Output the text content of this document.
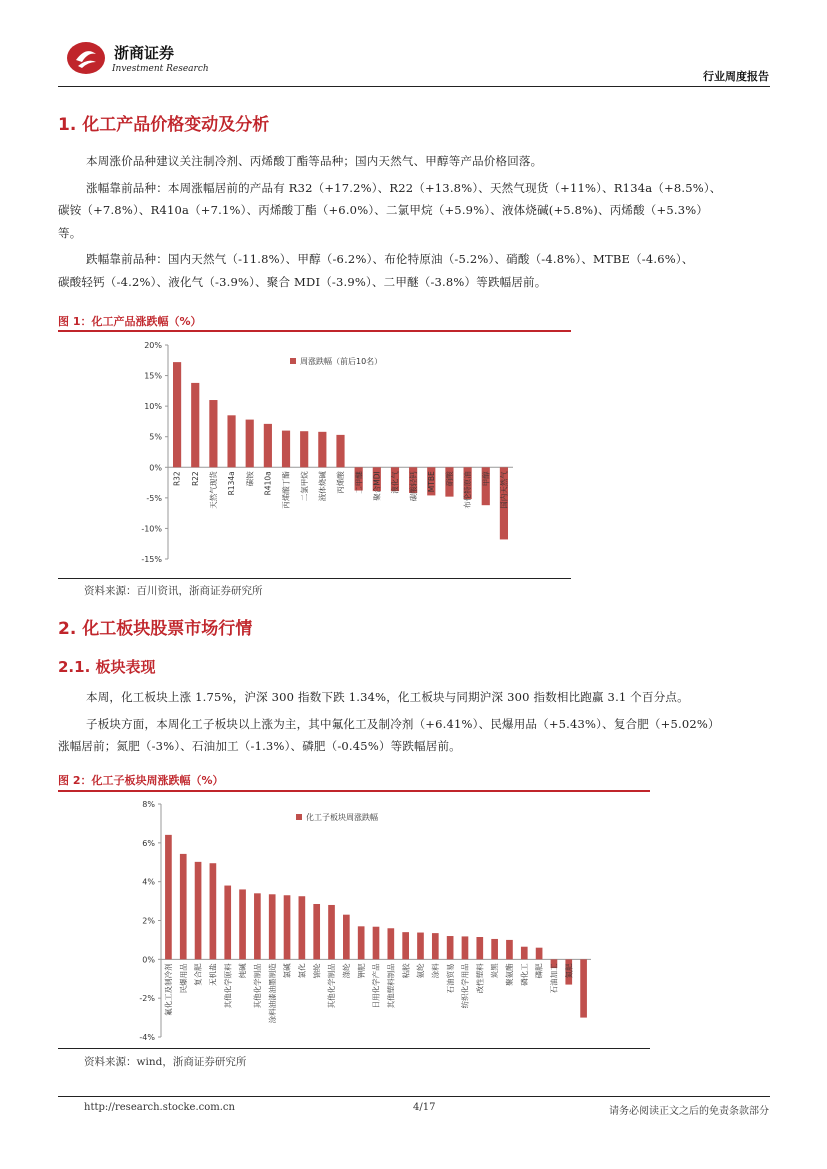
浙商证券
Investment Research
行业周度报告
1. 化工产品价格变动及分析
本周涨价品种建议关注制冷剂、丙烯酸丁酯等品种；国内天然气、甲醇等产品价格回落。
涨幅靠前品种：本周涨幅居前的产品有 R32（+17.2%）、R22（+13.8%）、天然气现货（+11%）、R134a（+8.5%）、
碳铵（+7.8%）、R410a（+7.1%）、丙烯酸丁酯（+6.0%）、二氯甲烷（+5.9%）、液体烧碱(+5.8%)、丙烯酸（+5.3%）
等。
跌幅靠前品种：国内天然气（-11.8%）、甲醇（-6.2%）、布伦特原油（-5.2%）、硝酸（-4.8%）、MTBE（-4.6%）、
碳酸轻钙（-4.2%）、液化气（-3.9%）、聚合 MDI（-3.9%）、二甲醚（-3.8%）等跌幅居前。
图 1：化工产品涨跌幅（%）
20%
15%
10%
5%
0%
-5%
-10%
-15%
R32 R22 天然气现货 R134a 碳铵 R410a 丙烯酸丁酯 二氯甲烷 液体烧碱 丙烯酸 二甲醚 聚合MDI 液化气 碳酸轻钙 MTBE 硝酸 布伦特原油 甲醇 国内天然气
周涨跌幅（前后10名）
资料来源：百川资讯，浙商证券研究所
2. 化工板块股票市场行情
2.1. 板块表现
本周，化工板块上涨 1.75%，沪深 300 指数下跌 1.34%，化工板块与同期沪深 300 指数相比跑赢 3.1 个百分点。
子板块方面，本周化工子板块以上涨为主，其中氟化工及制冷剂（+6.41%）、民爆用品（+5.43%）、复合肥（+5.02%）
涨幅居前；氮肥（-3%）、石油加工（-1.3%）、磷肥（-0.45%）等跌幅居前。
图 2：化工子板块周涨跌幅（%）
8%
6%
4%
2%
0%
-2%
-4%
氟化工及制冷剂 民爆用品 复合肥 无机盐 其他化学原料 纯碱 其他化学制品 涂料油漆油墨制造 氯碱 氯化 锦纶 其他化学制品 涤纶 钾肥 日用化学产品 其他塑料制品 粘胶 氨纶 涂料 石油贸易 纺织化学用品 改性塑料 炭黑 聚氨酯 磷化工 磷肥 石油加工 氮肥
化工子板块周涨跌幅
资料来源：wind，浙商证券研究所
http://research.stocke.com.cn	4/17	请务必阅读正文之后的免责条款部分
